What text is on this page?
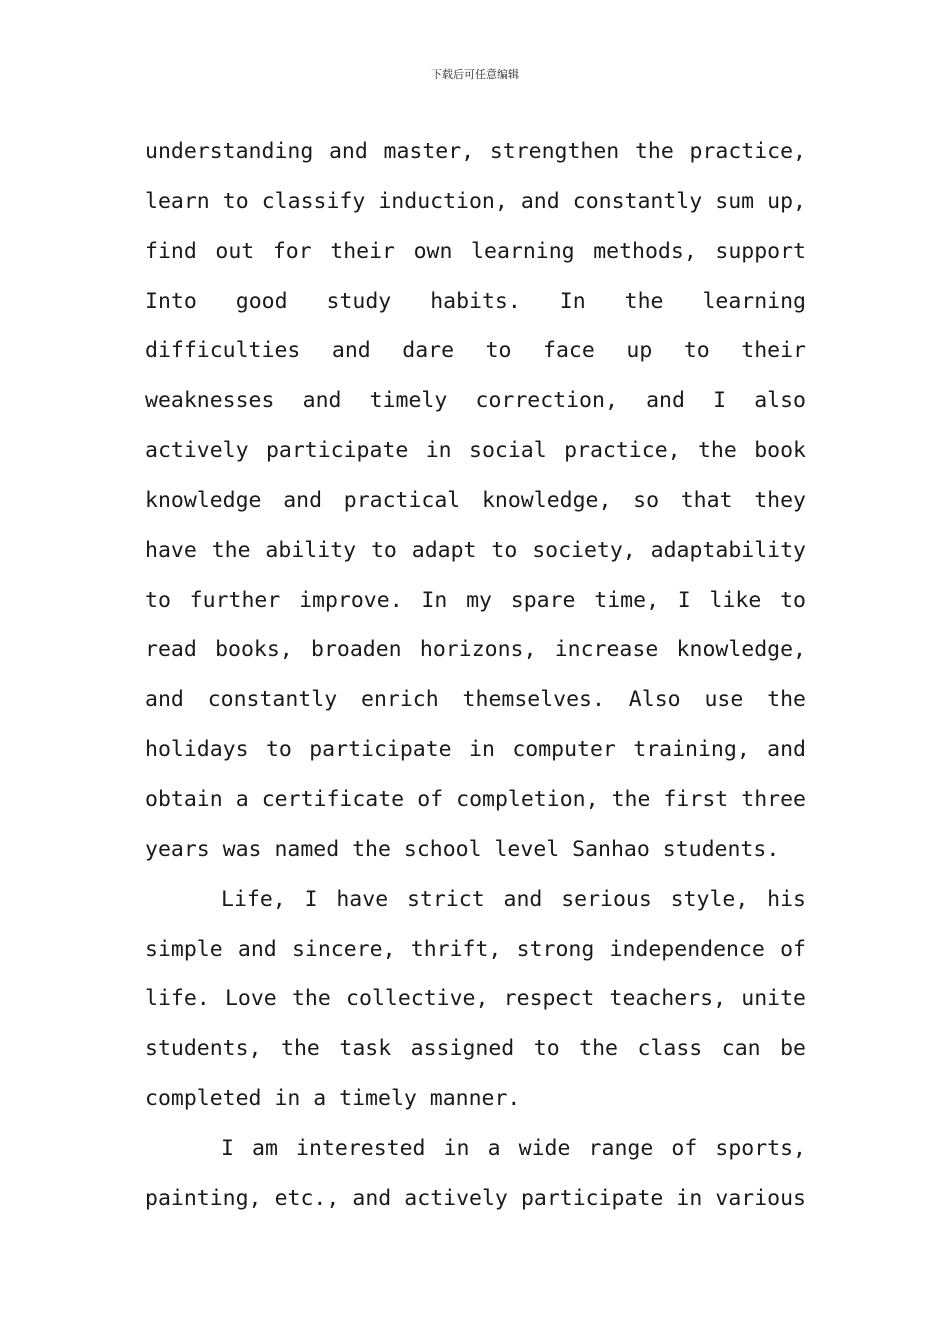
下载后可任意编辑
understanding and master, strengthen the practice,
learn to classify induction, and constantly sum up,
find out for their own learning methods, support
Into good study habits. In the learning
difficulties and dare to face up to their
weaknesses and timely correction, and I also
actively participate in social practice, the book
knowledge and practical knowledge, so that they
have the ability to adapt to society, adaptability
to further improve. In my spare time, I like to
read books, broaden horizons, increase knowledge,
and constantly enrich themselves. Also use the
holidays to participate in computer training, and
obtain a certificate of completion, the first three
years was named the school level Sanhao students.
Life, I have strict and serious style, his
simple and sincere, thrift, strong independence of
life. Love the collective, respect teachers, unite
students, the task assigned to the class can be
completed in a timely manner.
I am interested in a wide range of sports,
painting, etc., and actively participate in various
